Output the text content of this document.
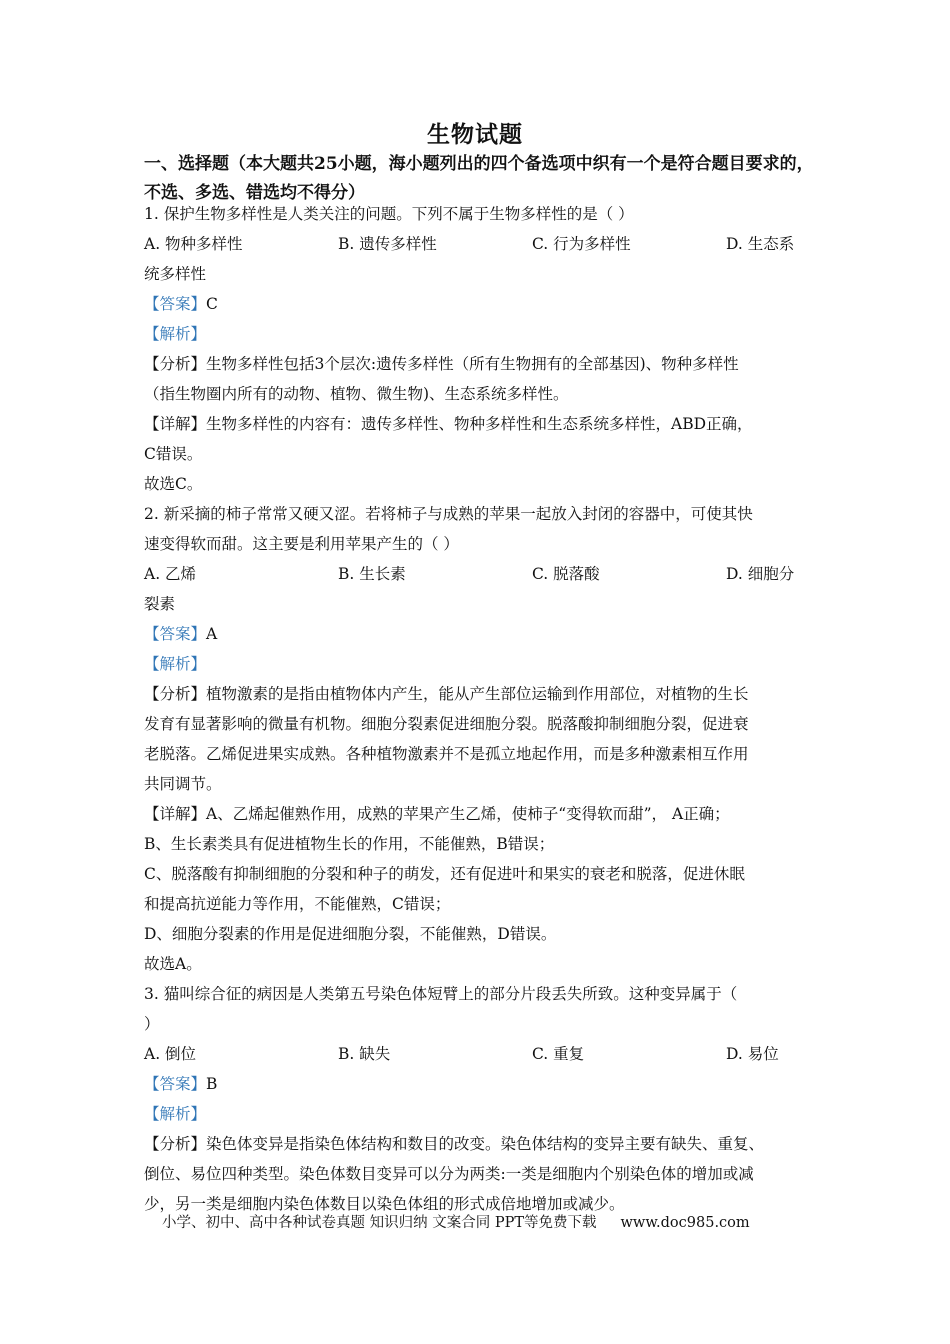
生物试题
一、选择题（本大题共25小题，海小题列出的四个备选项中织有一个是符合题目要求的，不选、多选、错选均不得分）
1. 保护生物多样性是人类关注的问题。下列不属于生物多样性的是（ ）
A. 物种多样性	B. 遗传多样性	C. 行为多样性	D. 生态系
统多样性
【答案】C
【解析】
【分析】生物多样性包括3个层次:遗传多样性（所有生物拥有的全部基因)、物种多样性
（指生物圈内所有的动物、植物、微生物)、生态系统多样性。
【详解】生物多样性的内容有：遗传多样性、物种多样性和生态系统多样性，ABD正确，
C错误。
故选C。
2. 新采摘的柿子常常又硬又涩。若将柿子与成熟的苹果一起放入封闭的容器中，可使其快
速变得软而甜。这主要是利用苹果产生的（ ）
A. 乙烯	B. 生长素	C. 脱落酸	D. 细胞分
裂素
【答案】A
【解析】
【分析】植物激素的是指由植物体内产生，能从产生部位运输到作用部位，对植物的生长
发育有显著影响的微量有机物。细胞分裂素促进细胞分裂。脱落酸抑制细胞分裂，促进衰
老脱落。乙烯促进果实成熟。各种植物激素并不是孤立地起作用，而是多种激素相互作用
共同调节。
【详解】A、乙烯起催熟作用，成熟的苹果产生乙烯，使柿子“变得软而甜”， A正确；
B、生长素类具有促进植物生长的作用，不能催熟，B错误；
C、脱落酸有抑制细胞的分裂和种子的萌发，还有促进叶和果实的衰老和脱落，促进休眠
和提高抗逆能力等作用，不能催熟，C错误；
D、细胞分裂素的作用是促进细胞分裂，不能催熟，D错误。
故选A。
3. 猫叫综合征的病因是人类第五号染色体短臂上的部分片段丢失所致。这种变异属于（
）
A. 倒位	B. 缺失	C. 重复	D. 易位
【答案】B
【解析】
【分析】染色体变异是指染色体结构和数目的改变。染色体结构的变异主要有缺失、重复、
倒位、易位四种类型。染色体数目变异可以分为两类:一类是细胞内个别染色体的增加或减
少，另一类是细胞内染色体数目以染色体组的形式成倍地增加或减少。
小学、初中、高中各种试卷真题 知识归纳 文案合同 PPT等免费下载 www.doc985.com
